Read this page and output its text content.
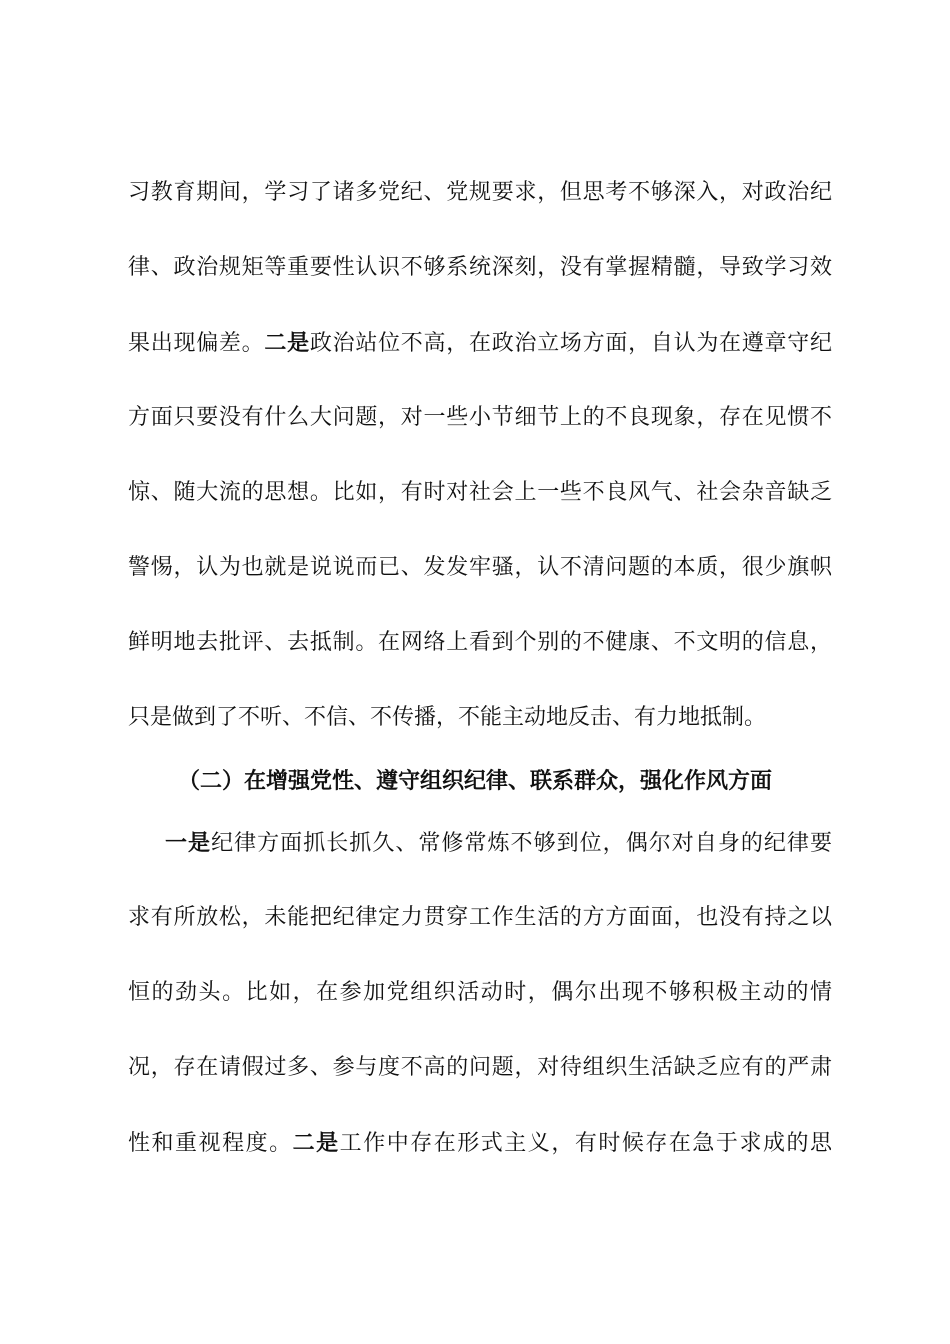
习教育期间，学习了诸多党纪、党规要求，但思考不够深入，对政治纪
律、政治规矩等重要性认识不够系统深刻，没有掌握精髓，导致学习效
果出现偏差。二是政治站位不高，在政治立场方面，自认为在遵章守纪
方面只要没有什么大问题，对一些小节细节上的不良现象，存在见惯不
惊、随大流的思想。比如，有时对社会上一些不良风气、社会杂音缺乏
警惕，认为也就是说说而已、发发牢骚，认不清问题的本质，很少旗帜
鲜明地去批评、去抵制。在网络上看到个别的不健康、不文明的信息，
只是做到了不听、不信、不传播，不能主动地反击、有力地抵制。
（二）在增强党性、遵守组织纪律、联系群众，强化作风方面
一是纪律方面抓长抓久、常修常炼不够到位，偶尔对自身的纪律要
求有所放松，未能把纪律定力贯穿工作生活的方方面面，也没有持之以
恒的劲头。比如，在参加党组织活动时，偶尔出现不够积极主动的情
况，存在请假过多、参与度不高的问题，对待组织生活缺乏应有的严肃
性和重视程度。二是工作中存在形式主义，有时候存在急于求成的思
